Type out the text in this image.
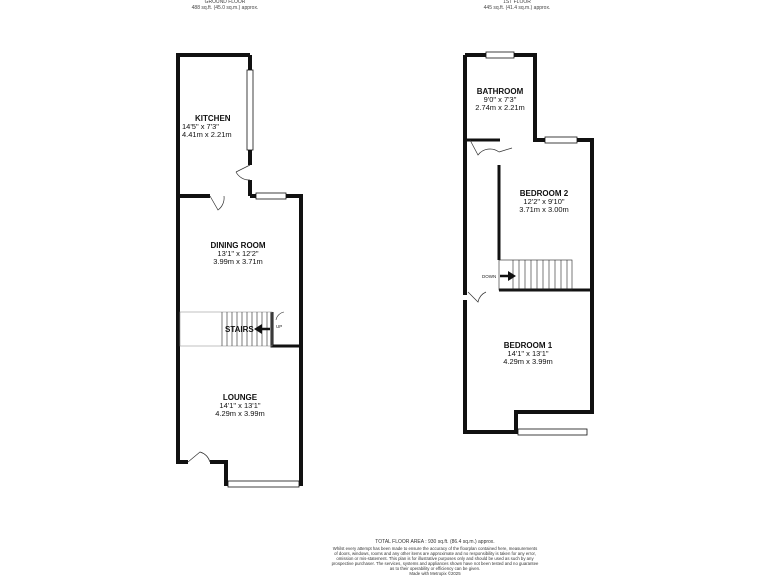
GROUND FLOOR
488 sq.ft. (45.0 sq.m.) approx.
1ST FLOOR
445 sq.ft. (41.4 sq.m.) approx.
KITCHEN
14'5" x 7'3"
4.41m x 2.21m
DINING ROOM
13'1" x 12'2"
3.99m x 3.71m
STAIRS	UP
LOUNGE
14'1" x 13'1"
4.29m x 3.99m
BATHROOM
9'0" x 7'3"
2.74m x 2.21m
BEDROOM 2
12'2" x 9'10"
3.71m x 3.00m
DOWN
BEDROOM 1
14'1" x 13'1"
4.29m x 3.99m
TOTAL FLOOR AREA : 930 sq.ft. (86.4 sq.m.) approx.
Whilst every attempt has been made to ensure the accuracy of the floorplan contained here, measurements
of doors, windows, rooms and any other items are approximate and no responsibility is taken for any error,
omission or mis-statement. This plan is for illustrative purposes only and should be used as such by any
prospective purchaser. The services, systems and appliances shown have not been tested and no guarantee
as to their operability or efficiency can be given.
Made with Metropix ©2025
